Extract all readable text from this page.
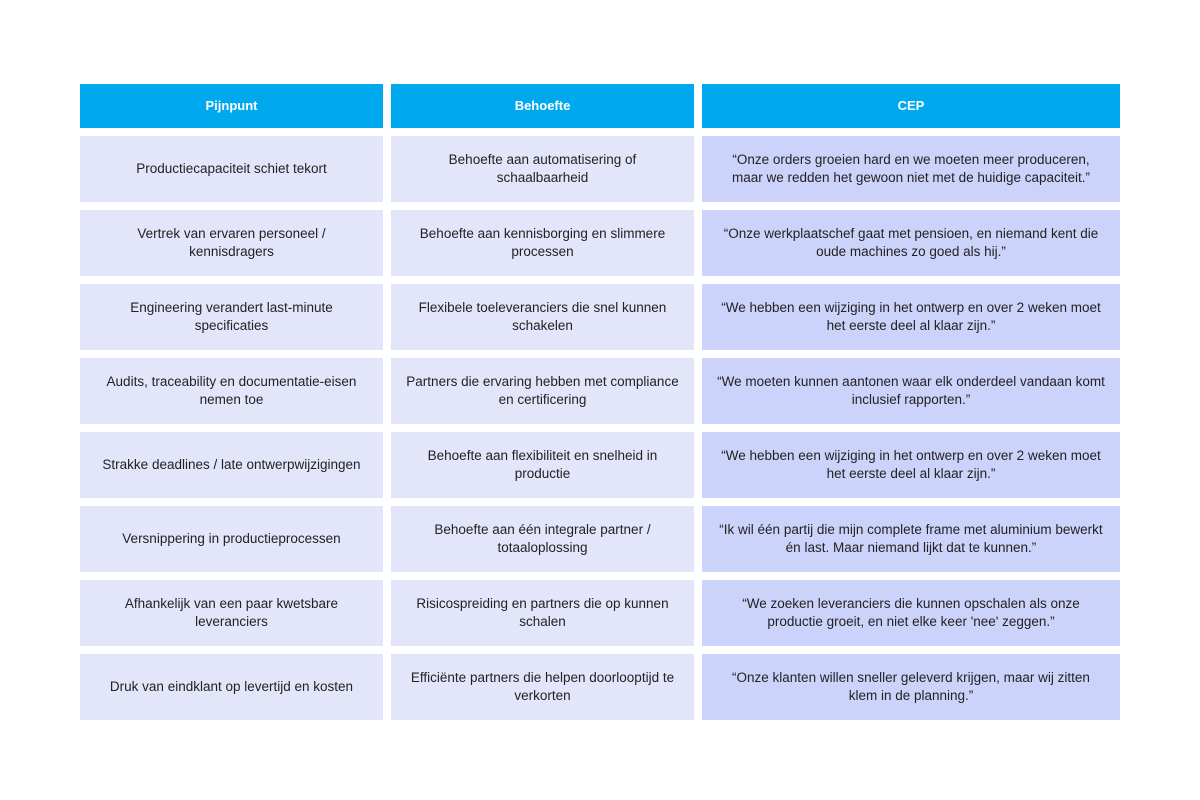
Pijnpunt	Behoefte	CEP
Productiecapaciteit schiet tekort
Behoefte aan automatisering of schaalbaarheid
“Onze orders groeien hard en we moeten meer produceren, maar we redden het gewoon niet met de huidige capaciteit.”
Vertrek van ervaren personeel / kennisdragers
Behoefte aan kennisborging en slimmere processen
“Onze werkplaatschef gaat met pensioen, en niemand kent die oude machines zo goed als hij.”
Engineering verandert last-minute specificaties
Flexibele toeleveranciers die snel kunnen schakelen
“We hebben een wijziging in het ontwerp en over 2 weken moet het eerste deel al klaar zijn.”
Audits, traceability en documentatie-eisen nemen toe
Partners die ervaring hebben met compliance en certificering
“We moeten kunnen aantonen waar elk onderdeel vandaan komt inclusief rapporten.”
Strakke deadlines / late ontwerpwijzigingen
Behoefte aan flexibiliteit en snelheid in productie
“We hebben een wijziging in het ontwerp en over 2 weken moet het eerste deel al klaar zijn.”
Versnippering in productieprocessen
Behoefte aan één integrale partner / totaaloplossing
“Ik wil één partij die mijn complete frame met aluminium bewerkt én last. Maar niemand lijkt dat te kunnen.”
Afhankelijk van een paar kwetsbare leveranciers
Risicospreiding en partners die op kunnen schalen
“We zoeken leveranciers die kunnen opschalen als onze productie groeit, en niet elke keer 'nee' zeggen.”
Druk van eindklant op levertijd en kosten
Efficiënte partners die helpen doorlooptijd te verkorten
“Onze klanten willen sneller geleverd krijgen, maar wij zitten klem in de planning.”
